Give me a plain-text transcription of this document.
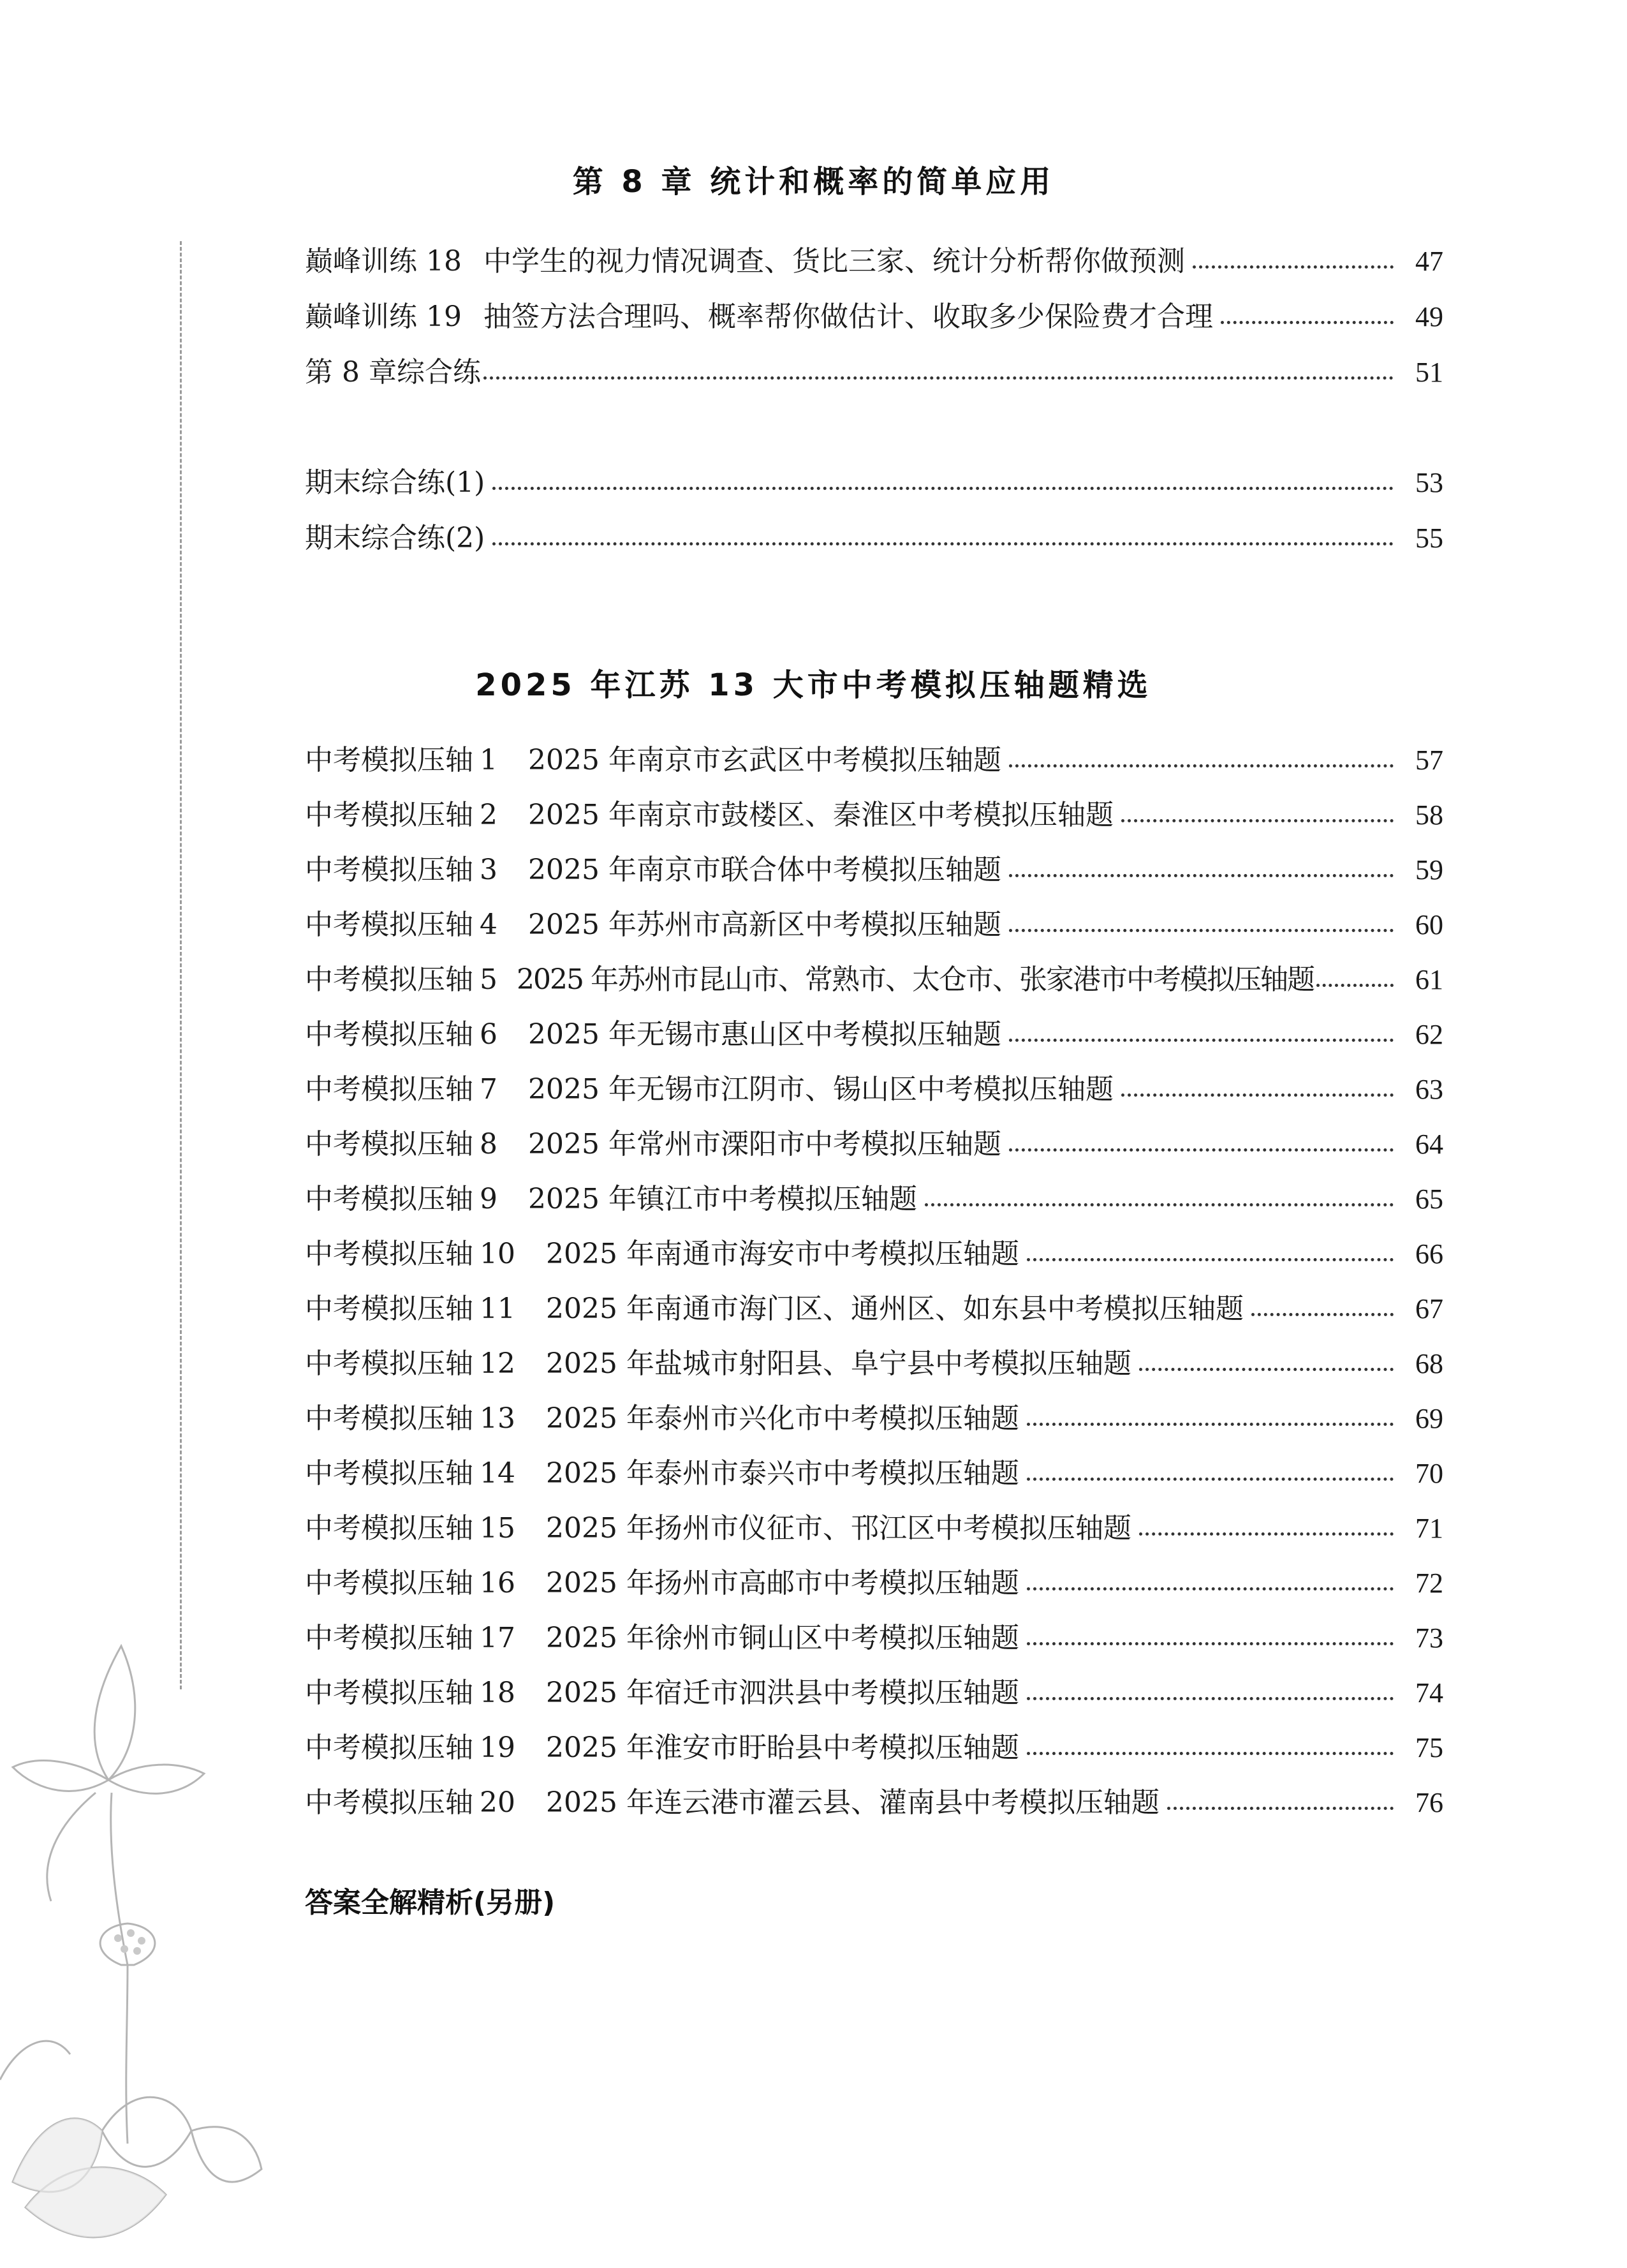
第 8 章 统计和概率的简单应用
巅峰训练 18 中学生的视力情况调查、货比三家、统计分析帮你做预测	47
巅峰训练 19 抽签方法合理吗、概率帮你做估计、收取多少保险费才合理	49
第 8 章综合练	51
期末综合练(1)	53
期末综合练(2)	55
2025 年江苏 13 大市中考模拟压轴题精选
中考模拟压轴 1 2025 年南京市玄武区中考模拟压轴题	57
中考模拟压轴 2 2025 年南京市鼓楼区、秦淮区中考模拟压轴题	58
中考模拟压轴 3 2025 年南京市联合体中考模拟压轴题	59
中考模拟压轴 4 2025 年苏州市高新区中考模拟压轴题	60
中考模拟压轴 5 2025 年苏州市昆山市、常熟市、太仓市、张家港市中考模拟压轴题	61
中考模拟压轴 6 2025 年无锡市惠山区中考模拟压轴题	62
中考模拟压轴 7 2025 年无锡市江阴市、锡山区中考模拟压轴题	63
中考模拟压轴 8 2025 年常州市溧阳市中考模拟压轴题	64
中考模拟压轴 9 2025 年镇江市中考模拟压轴题	65
中考模拟压轴 10 2025 年南通市海安市中考模拟压轴题	66
中考模拟压轴 11 2025 年南通市海门区、通州区、如东县中考模拟压轴题	67
中考模拟压轴 12 2025 年盐城市射阳县、阜宁县中考模拟压轴题	68
中考模拟压轴 13 2025 年泰州市兴化市中考模拟压轴题	69
中考模拟压轴 14 2025 年泰州市泰兴市中考模拟压轴题	70
中考模拟压轴 15 2025 年扬州市仪征市、邗江区中考模拟压轴题	71
中考模拟压轴 16 2025 年扬州市高邮市中考模拟压轴题	72
中考模拟压轴 17 2025 年徐州市铜山区中考模拟压轴题	73
中考模拟压轴 18 2025 年宿迁市泗洪县中考模拟压轴题	74
中考模拟压轴 19 2025 年淮安市盱眙县中考模拟压轴题	75
中考模拟压轴 20 2025 年连云港市灌云县、灌南县中考模拟压轴题	76
答案全解精析(另册)
